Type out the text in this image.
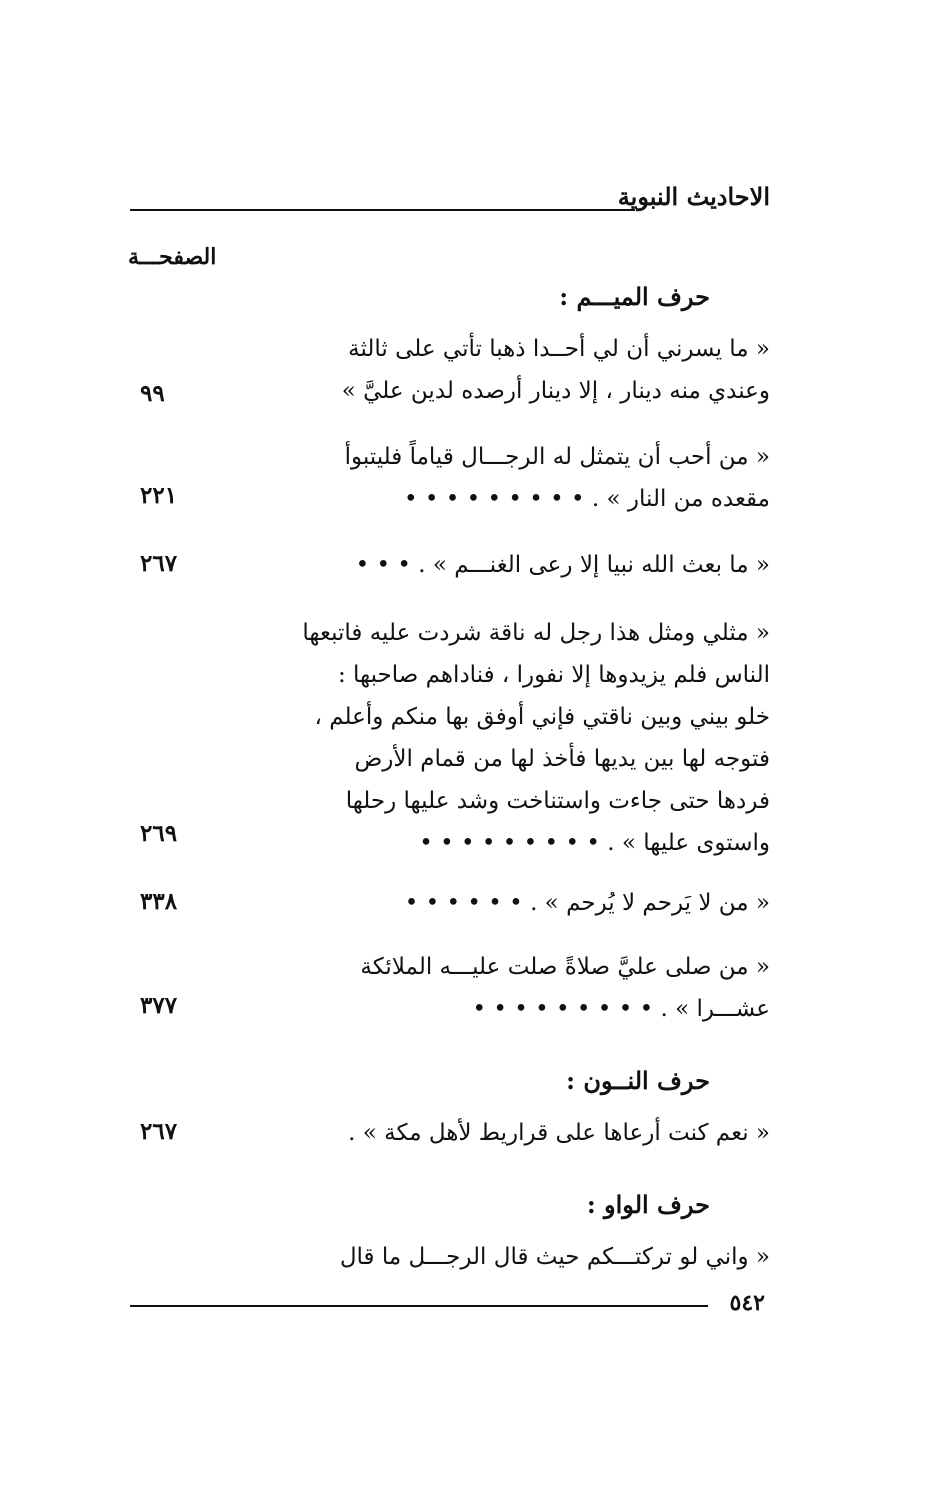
الاحاديث النبوية
الصفحـــة
حرف الميـــم :
« ما يسرني أن لي أحــدا ذهبا تأتي على ثالثة
وعندي منه دينار ، إلا دينار أرصده لدين عليَّ »
٩٩
« من أحب أن يتمثل له الرجـــال قياماً فليتبوأ
مقعده من النار » . • • • • • • • • •
٢٢١
« ما بعث الله نبيا إلا رعى الغنـــم » . • • •
٢٦٧
« مثلي ومثل هذا رجل له ناقة شردت عليه فاتبعها
الناس فلم يزيدوها إلا نفورا ، فناداهم صاحبها :
خلو بيني وبين ناقتي فإني أوفق بها منكم وأعلم ،
فتوجه لها بين يديها فأخذ لها من قمام الأرض
فردها حتى جاءت واستناخت وشد عليها رحلها
واستوى عليها » . • • • • • • • • •
٢٦٩
« من لا يَرحم لا يُرحم » . • • • • • •
٣٣٨
« من صلى عليَّ صلاةً صلت عليـــه الملائكة
عشـــرا » . • • • • • • • • •
٣٧٧
حرف النــون :
« نعم كنت أرعاها على قراريط لأهل مكة » .
٢٦٧
حرف الواو :
« واني لو تركتـــكم حيث قال الرجـــل ما قال
٥٤٢
